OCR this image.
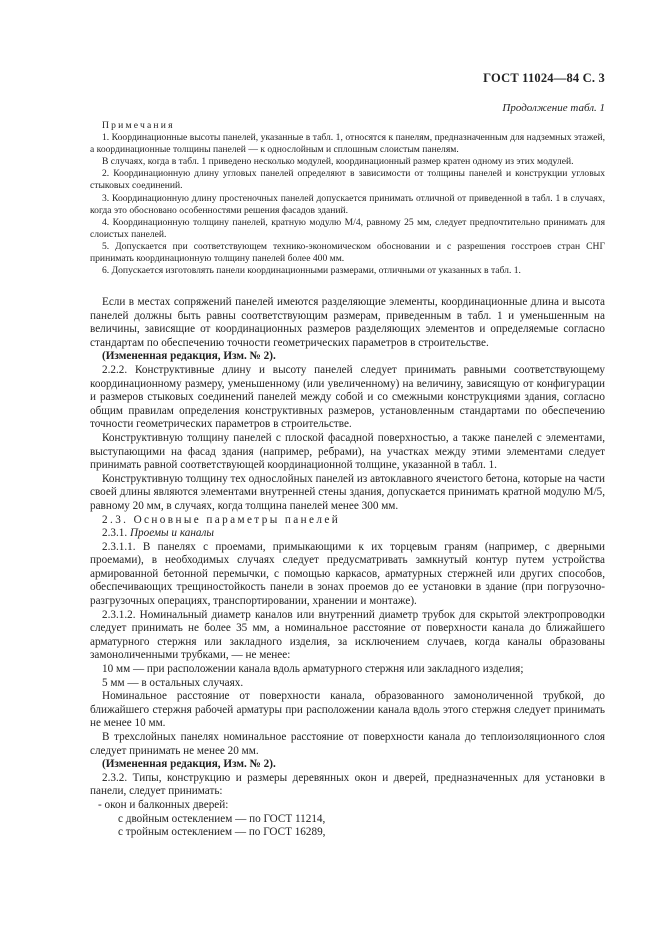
ГОСТ 11024—84 С. 3
Продолжение табл. 1

Примечания

1. Координационные высоты панелей, указанные в табл. 1, относятся к панелям, предназначенным для надземных этажей, а координационные толщины панелей — к однослойным и сплошным слоистым панелям.

В случаях, когда в табл. 1 приведено несколько модулей, координационный размер кратен одному из этих модулей.

2. Координационную длину угловых панелей определяют в зависимости от толщины панелей и конструкции угловых стыковых соединений.

3. Координационную длину простеночных панелей допускается принимать отличной от приведенной в табл. 1 в случаях, когда это обосновано особенностями решения фасадов зданий.

4. Координационную толщину панелей, кратную модулю М/4, равному 25 мм, следует предпочтительно принимать для слоистых панелей.

5. Допускается при соответствующем технико-экономическом обосновании и с разрешения госстроев стран СНГ принимать координационную толщину панелей более 400 мм.

6. Допускается изготовлять панели координационными размерами, отличными от указанных в табл. 1.

Если в местах сопряжений панелей имеются разделяющие элементы, координационные длина и высота панелей должны быть равны соответствующим размерам, приведенным в табл. 1 и уменьшенным на величины, зависящие от координационных размеров разделяющих элементов и определяемые согласно стандартам по обеспечению точности геометрических параметров в строительстве.

(Измененная редакция, Изм. № 2).

2.2.2. Конструктивные длину и высоту панелей следует принимать равными соответствующему координационному размеру, уменьшенному (или увеличенному) на величину, зависящую от конфигурации и размеров стыковых соединений панелей между собой и со смежными конструкциями здания, согласно общим правилам определения конструктивных размеров, установленным стандартами по обеспечению точности геометрических параметров в строительстве.

Конструктивную толщину панелей с плоской фасадной поверхностью, а также панелей с элементами, выступающими на фасад здания (например, ребрами), на участках между этими элементами следует принимать равной соответствующей координационной толщине, указанной в табл. 1.

Конструктивную толщину тех однослойных панелей из автоклавного ячеистого бетона, которые на части своей длины являются элементами внутренней стены здания, допускается принимать кратной модулю М/5, равному 20 мм, в случаях, когда толщина панелей менее 300 мм.

2.3. Основные параметры панелей

2.3.1. Проемы и каналы

2.3.1.1. В панелях с проемами, примыкающими к их торцевым граням (например, с дверными проемами), в необходимых случаях следует предусматривать замкнутый контур путем устройства армированной бетонной перемычки, с помощью каркасов, арматурных стержней или других способов, обеспечивающих трещиностойкость панели в зонах проемов до ее установки в здание (при погрузочно-разгрузочных операциях, транспортировании, хранении и монтаже).

2.3.1.2. Номинальный диаметр каналов или внутренний диаметр трубок для скрытой электропроводки следует принимать не более 35 мм, а номинальное расстояние от поверхности канала до ближайшего арматурного стержня или закладного изделия, за исключением случаев, когда каналы образованы замоноличенными трубками, — не менее:

10 мм — при расположении канала вдоль арматурного стержня или закладного изделия;

5 мм — в остальных случаях.

Номинальное расстояние от поверхности канала, образованного замоноличенной трубкой, до ближайшего стержня рабочей арматуры при расположении канала вдоль этого стержня следует принимать не менее 10 мм.

В трехслойных панелях номинальное расстояние от поверхности канала до теплоизоляционного слоя следует принимать не менее 20 мм.

(Измененная редакция, Изм. № 2).

2.3.2. Типы, конструкцию и размеры деревянных окон и дверей, предназначенных для установки в панели, следует принимать:

- окон и балконных дверей:

с двойным остеклением — по ГОСТ 11214,

с тройным остеклением — по ГОСТ 16289,
